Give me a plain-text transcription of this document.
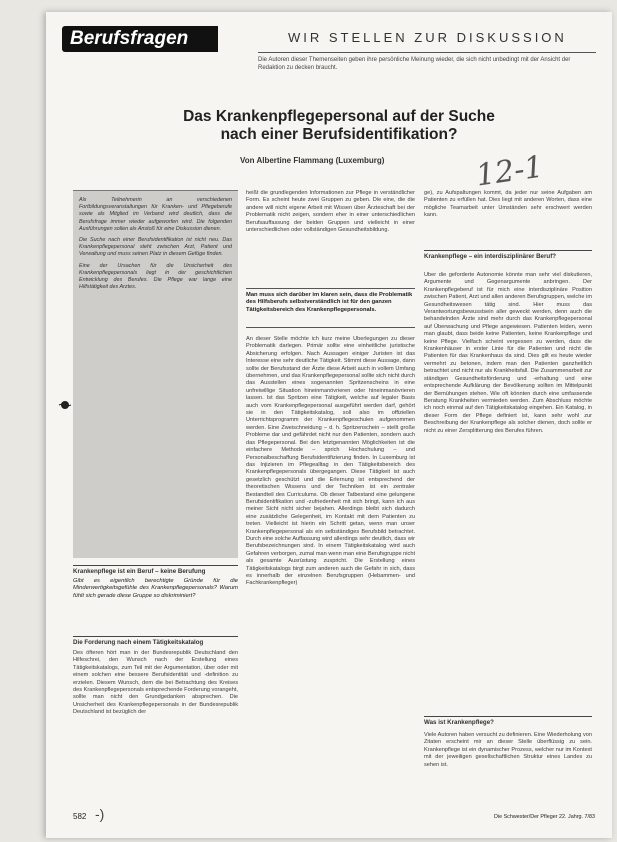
Berufsfragen	WIR STELLEN ZUR DISKUSSION
Die Autoren dieser Themenseiten geben ihre persönliche Meinung wieder, die sich nicht unbedingt mit der Ansicht der Redaktion zu decken braucht.
Das Krankenpflegepersonal auf der Suche
nach einer Berufsidentifikation?
Von Albertine Flammang (Luxemburg)	12-1

Als Teilnehmerin an verschiedenen Fortbildungsveranstaltungen für Kranken- und Pflegeberufe sowie als Mitglied im Verband wird deutlich, dass die Berufsfrage immer wieder aufgeworfen wird. Die folgenden Ausführungen sollen als Anstoß für eine Diskussion dienen.

Die Suche nach einer Berufsidentifikation ist nicht neu. Das Krankenpflegepersonal steht zwischen Arzt, Patient und Verwaltung und muss seinen Platz in diesem Gefüge finden.

Eine der Ursachen für die Unsicherheit des Krankenpflegepersonals liegt in der geschichtlichen Entwicklung des Berufes. Die Pflege war lange eine Hilfstätigkeit des Arztes.

Krankenpflege ist ein Beruf – keine Berufung
Gibt es eigentlich berechtigte Gründe für die Minderwertigkeitsgefühle des Krankenpflegepersonals? Warum fühlt sich gerade diese Gruppe so diskriminiert?
Die Forderung nach einem Tätigkeitskatalog

Des öfteren hört man in der Bundesrepublik Deutschland den Hilfeschrei, den Wunsch nach der Erstellung eines Tätigkeitskatalogs, zum Teil mit der Argumentation, über oder mit einem solchen eine bessere Berufsidentität und -definition zu erzielen. Diesem Wunsch, dem die bei Betrachtung des Kreises des Krankenpflegepersonals entsprechende Forderung vorangeht, sollte man nicht den Grundgedanken absprechen. Die Unsicherheit des Krankenpflegepersonals in der Bundesrepublik Deutschland ist bezüglich der

heißt die grundlegenden Informationen zur Pflege in verständlicher Form. Es scheint heute zwei Gruppen zu geben. Die eine, die die andere will nicht eigene Arbeit mit Wissen über Ärzteschaft bei der Problematik nicht zeigen, sondern eher in einer unterschiedlichen Berufsauffassung der beiden Gruppen und vielleicht in einer unterschiedlichen oder vollständigen Gesundheitsbildung.

Man muss sich darüber im klaren sein, dass die Problematik des Hilfsberufs selbstverständlich ist für den ganzen Tätigkeitsbereich des Krankenpflegepersonals.

An dieser Stelle möchte ich kurz meine Überlegungen zu dieser Problematik darlegen. Primär sollte eine einheitliche juristische Absicherung erfolgen. Nach Aussagen einiger Juristen ist das Interesse eine sehr deutliche Tätigkeit. Stimmt diese Aussage, dann sollte der Berufsstand der Ärzte diese Arbeit auch in vollem Umfang übernehmen, und das Krankenpflegepersonal sollte sich nicht durch das Ausstellen eines sogenannten Spritzenscheins in eine unfreiwillige Situation hineinmanövrieren oder hineinmanövrieren lassen. Ist das Spritzen eine Tätigkeit, welche auf legaler Basis auch vom Krankenpflegepersonal ausgeführt werden darf, gehört sie in den Tätigkeitskatalog, soll also im offiziellen Unterrichtsprogramm der Krankenpflegeschulen aufgenommen werden. Eine Zweischneidung – d. h. Spritzenschein – stellt große Probleme dar und gefährdet nicht nur den Patienten, sondern auch das Pflegepersonal. Bei den letztgenannten Möglichkeiten ist die einfachere Methode – sprich Hochschulung – und Personalbeschaffung Berufsidentifizierung finden. In Luxemburg ist das Injizieren im Pflegealltag in den Tätigkeitsbereich des Krankenpflegepersonals übergegangen. Diese Tätigkeit ist auch gesetzlich geschützt und die Erlernung ist entsprechend der theoretischen Wissens und der Techniken ist ein zentraler Bestandteil des Curriculums. Ob dieser Tatbestand eine gelungene Berufsidentifikation und -zufriedenheit mit sich bringt, kann ich aus meiner Sicht nicht sicher bejahen. Allerdings bleibt sich dadurch eine zusätzliche Gelegenheit, im Kontakt mit dem Patienten zu treten. Vielleicht ist hierin ein Schritt getan, wenn man unser Krankenpflegepersonal als ein selbständiges Berufsbild betrachtet. Durch eine solche Auffassung wird allerdings sehr deutlich, dass wir Berufsbezeichnungen sind. In einem Tätigkeitskatalog wird auch Gefahren verborgen, zumal man wenn man eine Berufsgruppe nicht als gesamte Ausrüstung zuspricht. Die Erstellung eines Tätigkeitskatalogs birgt zum anderen auch die Gefahr in sich, dass es innerhalb der einzelnen Berufsgruppen (Hebammen- und Fachkrankenpfleger)

ge), zu Aufspaltungen kommt, da jeder nur seine Aufgaben am Patienten zu erfüllen hat. Dies liegt mit anderen Worten, dass eine mögliche Teamarbeit unter Umständen sehr erschwert werden kann.

Krankenpflege – ein interdisziplinärer Beruf?

Über die geforderte Autonomie könnte man sehr viel diskutieren, Argumente und Gegenargumente anbringen. Der Krankenpflegeberuf ist für mich eine interdisziplinäre Position zwischen Patient, Arzt und allen anderen Berufsgruppen, welche im Gesundheitswesen tätig sind. Hier muss das Verantwortungsbewusstsein aller geweckt werden, denn auch die behandelnden Ärzte sind mehr durch das Krankenpflegepersonal auf Überwachung und Pflege angewiesen. Patienten leiden, wenn man glaubt, dass beide keine Patienten, keine Krankenpflege und keine Pflege. Vielfach scheint vergessen zu werden, dass die Krankenhäuser in erster Linie für die Patienten und nicht die Patienten für das Krankenhaus da sind. Dies gilt es heute wieder vermehrt zu betonen, indem man den Patienten ganzheitlich betrachtet und nicht nur als Krankheitsfall. Die Zusammenarbeit zur ständigen Gesundheitsförderung und -erhaltung und eine entsprechende Aufklärung der Bevölkerung sollten im Mittelpunkt der Bemühungen stehen. Wie oft könnten durch eine umfassende Beratung Krankheiten vermieden werden. Zum Abschluss möchte ich noch einmal auf den Tätigkeitskatalog eingehen. Ein Katalog, in dieser Form der Pflege definiert ist, kann sehr wohl zur Beschreibung der Krankenpflege als solcher dienen, doch sollte er nicht zu einer Zersplitterung des Berufes führen.

Was ist Krankenpflege?

Viele Autoren haben versucht zu definieren. Eine Wiederholung von Zitaten erscheint mir an dieser Stelle überflüssig zu sein. Krankenpflege ist ein dynamischer Prozess, welcher nur im Kontext mit der jeweiligen gesellschaftlichen Struktur eines Landes zu sehen ist.

582 -)	Die Schwester/Der Pfleger 22. Jahrg. 7/83
